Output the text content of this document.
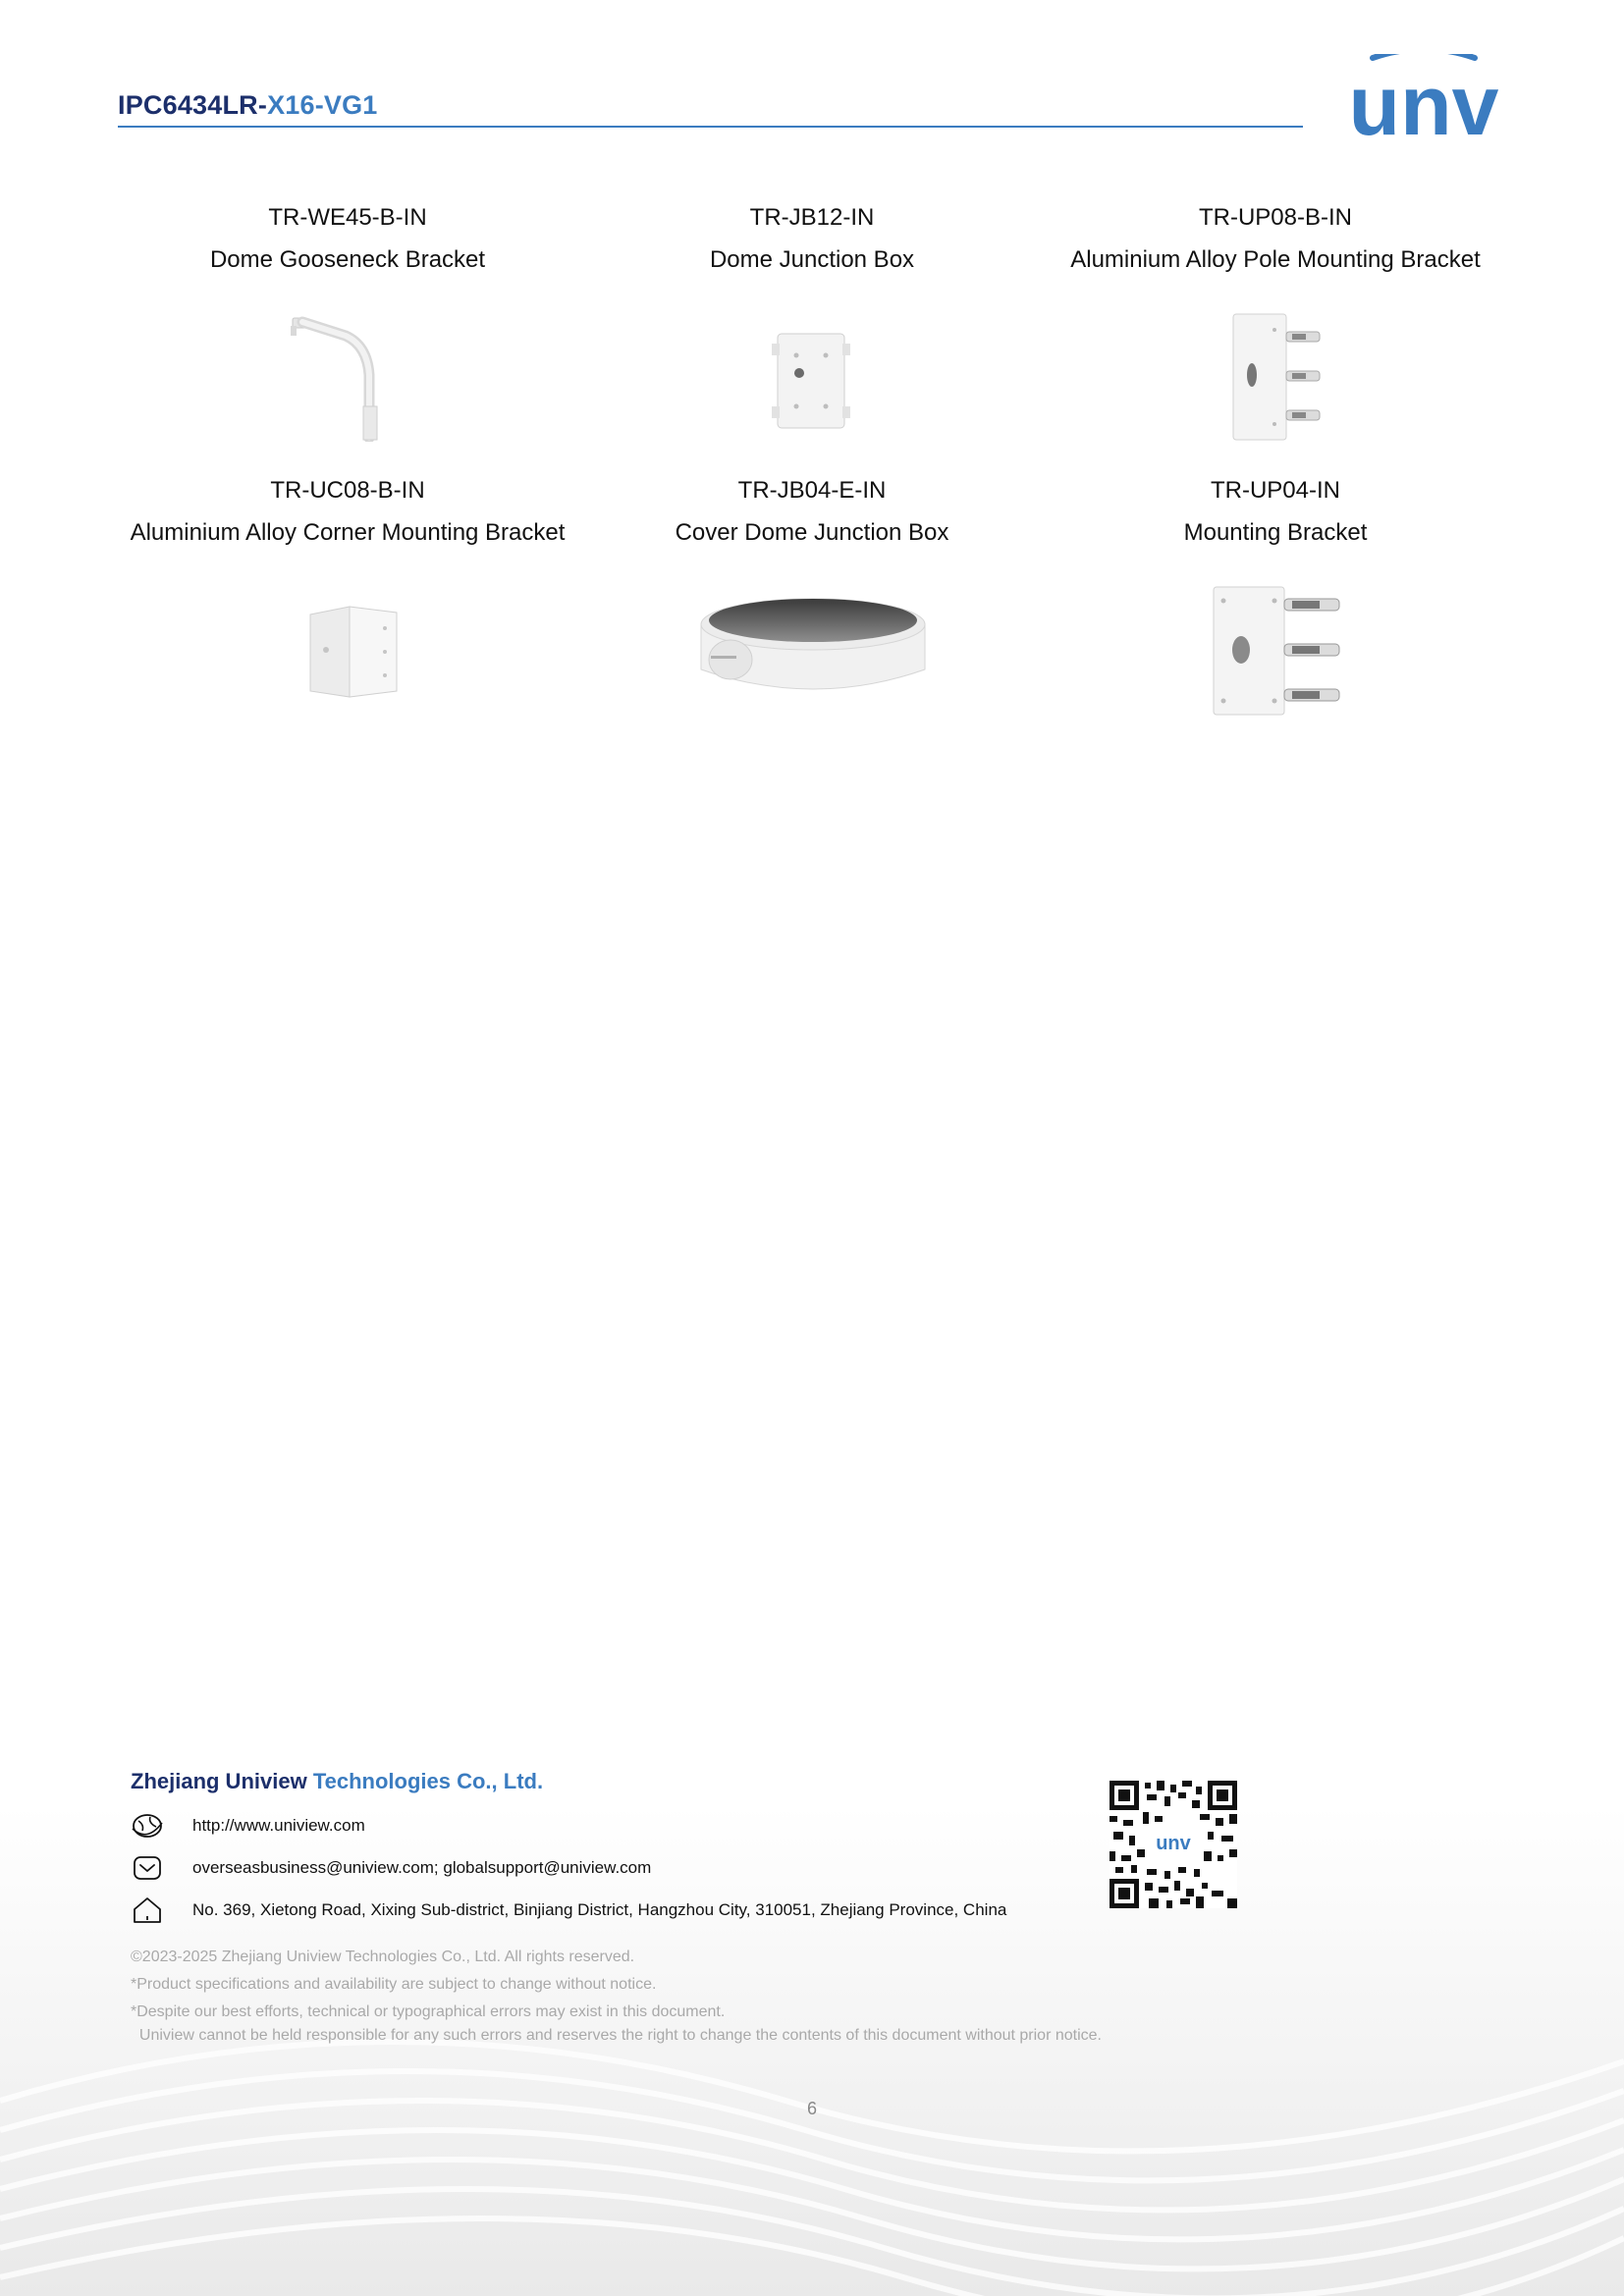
IPC6434LR-X16-VG1	unv
TR-WE45-B-IN
Dome Gooseneck Bracket
TR-JB12-IN
Dome Junction Box
TR-UP08-B-IN
Aluminium Alloy Pole Mounting Bracket
TR-UC08-B-IN
Aluminium Alloy Corner Mounting Bracket
TR-JB04-E-IN
Cover Dome Junction Box
TR-UP04-IN
Mounting Bracket
Zhejiang Uniview Technologies Co., Ltd.
http://www.uniview.com
overseasbusiness@uniview.com; globalsupport@uniview.com
No. 369, Xietong Road, Xixing Sub-district, Binjiang District, Hangzhou City, 310051, Zhejiang Province, China
unv
©2023-2025 Zhejiang Uniview Technologies Co., Ltd. All rights reserved.
*Product specifications and availability are subject to change without notice.
*Despite our best efforts, technical or typographical errors may exist in this document.
Uniview cannot be held responsible for any such errors and reserves the right to change the contents of this document without prior notice.
6
